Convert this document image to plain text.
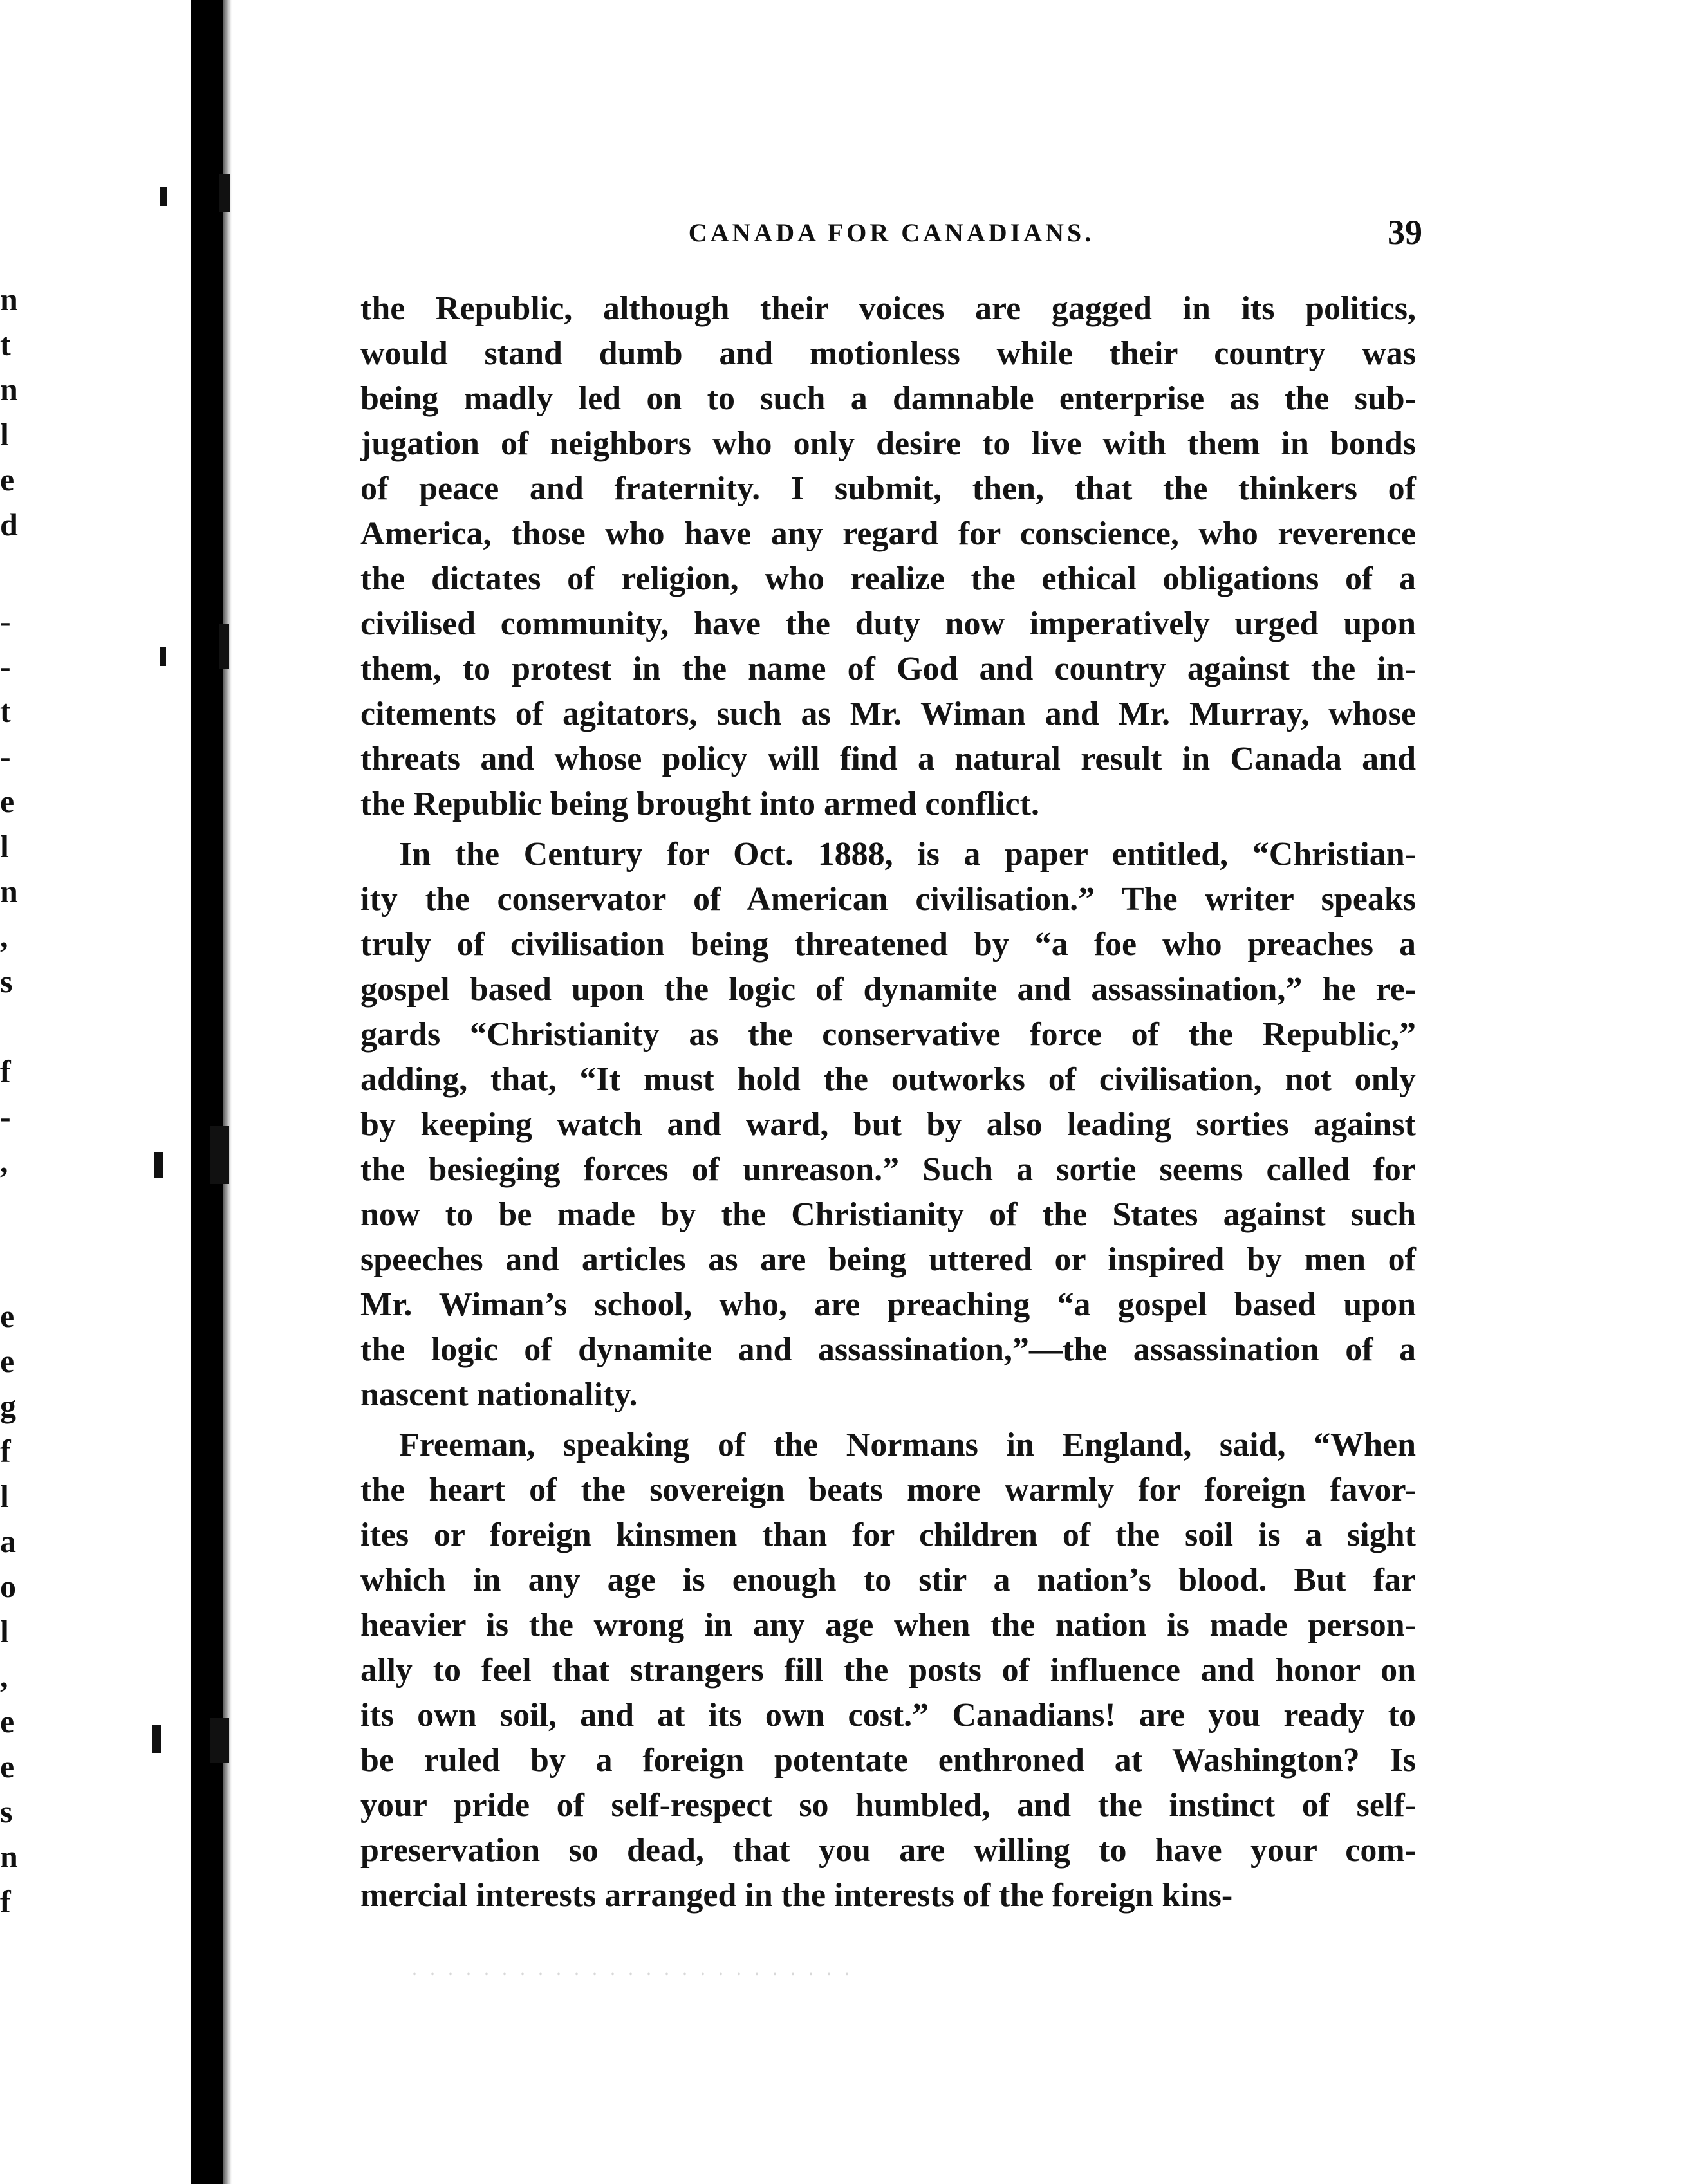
n
t
n
l
e
d
-
-
t
-
e
l
n
,
s
f
-
,
e
e
g
f
l
a
o
l
,
e
e
s
n
f
CANADA FOR CANADIANS.	39
the Republic, although their voices are gagged in its politics,
would stand dumb and motionless while their country was
being madly led on to such a damnable enterprise as the sub-
jugation of neighbors who only desire to live with them in bonds
of peace and fraternity. I submit, then, that the thinkers of
America, those who have any regard for conscience, who reverence
the dictates of religion, who realize the ethical obligations of a
civilised community, have the duty now imperatively urged upon
them, to protest in the name of God and country against the in-
citements of agitators, such as Mr. Wiman and Mr. Murray, whose
threats and whose policy will find a natural result in Canada and
the Republic being brought into armed conflict.
In the Century for Oct. 1888, is a paper entitled, “Christian-
ity the conservator of American civilisation.” The writer speaks
truly of civilisation being threatened by “a foe who preaches a
gospel based upon the logic of dynamite and assassination,” he re-
gards “Christianity as the conservative force of the Republic,”
adding, that, “It must hold the outworks of civilisation, not only
by keeping watch and ward, but by also leading sorties against
the besieging forces of unreason.” Such a sortie seems called for
now to be made by the Christianity of the States against such
speeches and articles as are being uttered or inspired by men of
Mr. Wiman’s school, who, are preaching “a gospel based upon
the logic of dynamite and assassination,”—the assassination of a
nascent nationality.
Freeman, speaking of the Normans in England, said, “When
the heart of the sovereign beats more warmly for foreign favor-
ites or foreign kinsmen than for children of the soil is a sight
which in any age is enough to stir a nation’s blood. But far
heavier is the wrong in any age when the nation is made person-
ally to feel that strangers fill the posts of influence and honor on
its own soil, and at its own cost.” Canadians! are you ready to
be ruled by a foreign potentate enthroned at Washington? Is
your pride of self-respect so humbled, and the instinct of self-
preservation so dead, that you are willing to have your com-
mercial interests arranged in the interests of the foreign kins-
. . . . . . . . . . . . . . . . . . . . . . . . .
